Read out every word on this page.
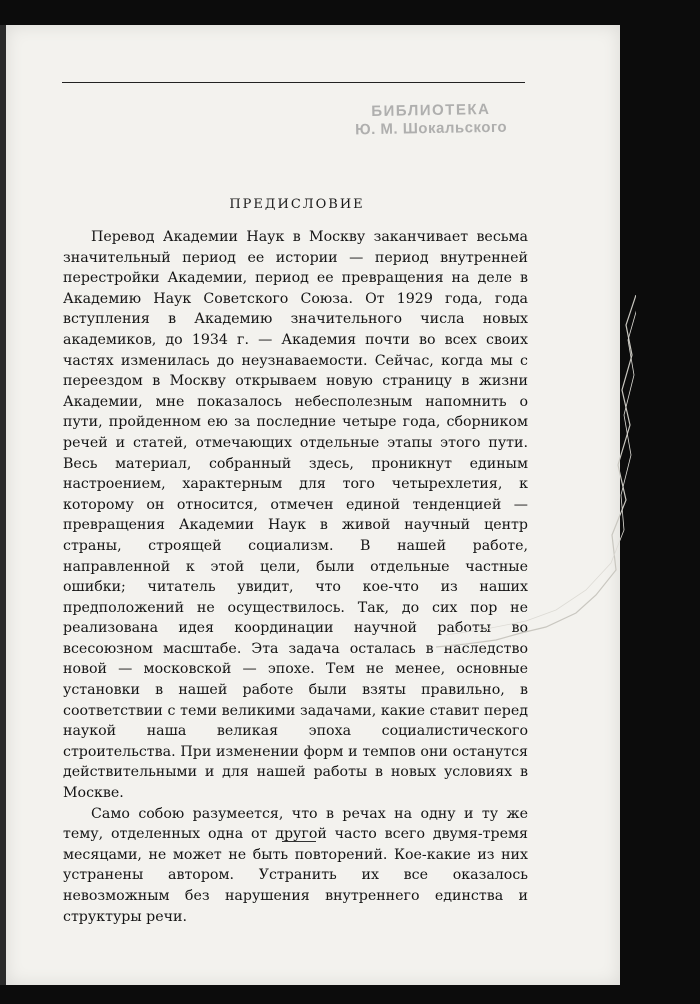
БИБЛИОТЕКА
Ю. М. Шокальского
ПРЕДИСЛОВИЕ

Перевод Академии Наук в Москву заканчивает весьма значительный период ее истории — период внутренней перестройки Академии, период ее превращения на деле в Академию Наук Советского Союза. От 1929 года, года вступления в Академию значительного числа новых академиков, до 1934 г. — Академия почти во всех своих частях изменилась до неузнаваемости. Сейчас, когда мы с переездом в Москву открываем новую страницу в жизни Академии, мне показалось небесполезным напомнить о пути, пройденном ею за последние четыре года, сборником речей и статей, отмечающих отдельные этапы этого пути. Весь материал, собранный здесь, проникнут единым настроением, характерным для того четырехлетия, к которому он относится, отмечен единой тенденцией — превращения Академии Наук в живой научный центр страны, строящей социализм. В нашей работе, направленной к этой цели, были отдельные частные ошибки; читатель увидит, что кое-что из наших предположений не осуществилось. Так, до сих пор не реализована идея координации научной работы во всесоюзном масштабе. Эта задача осталась в наследство новой — московской — эпохе. Тем не менее, основные установки в нашей работе были взяты правильно, в соответствии с теми великими задачами, какие ставит перед наукой наша великая эпоха социалистического строительства. При изменении форм и темпов они останутся действительными и для нашей работы в новых условиях в Москве.

Само собою разумеется, что в речах на одну и ту же тему, отделенных одна от другой часто всего двумя-тремя месяцами, не может не быть повторений. Кое-какие из них устранены автором. Устранить их все оказалось невозможным без нарушения внутреннего единства и структуры речи.
